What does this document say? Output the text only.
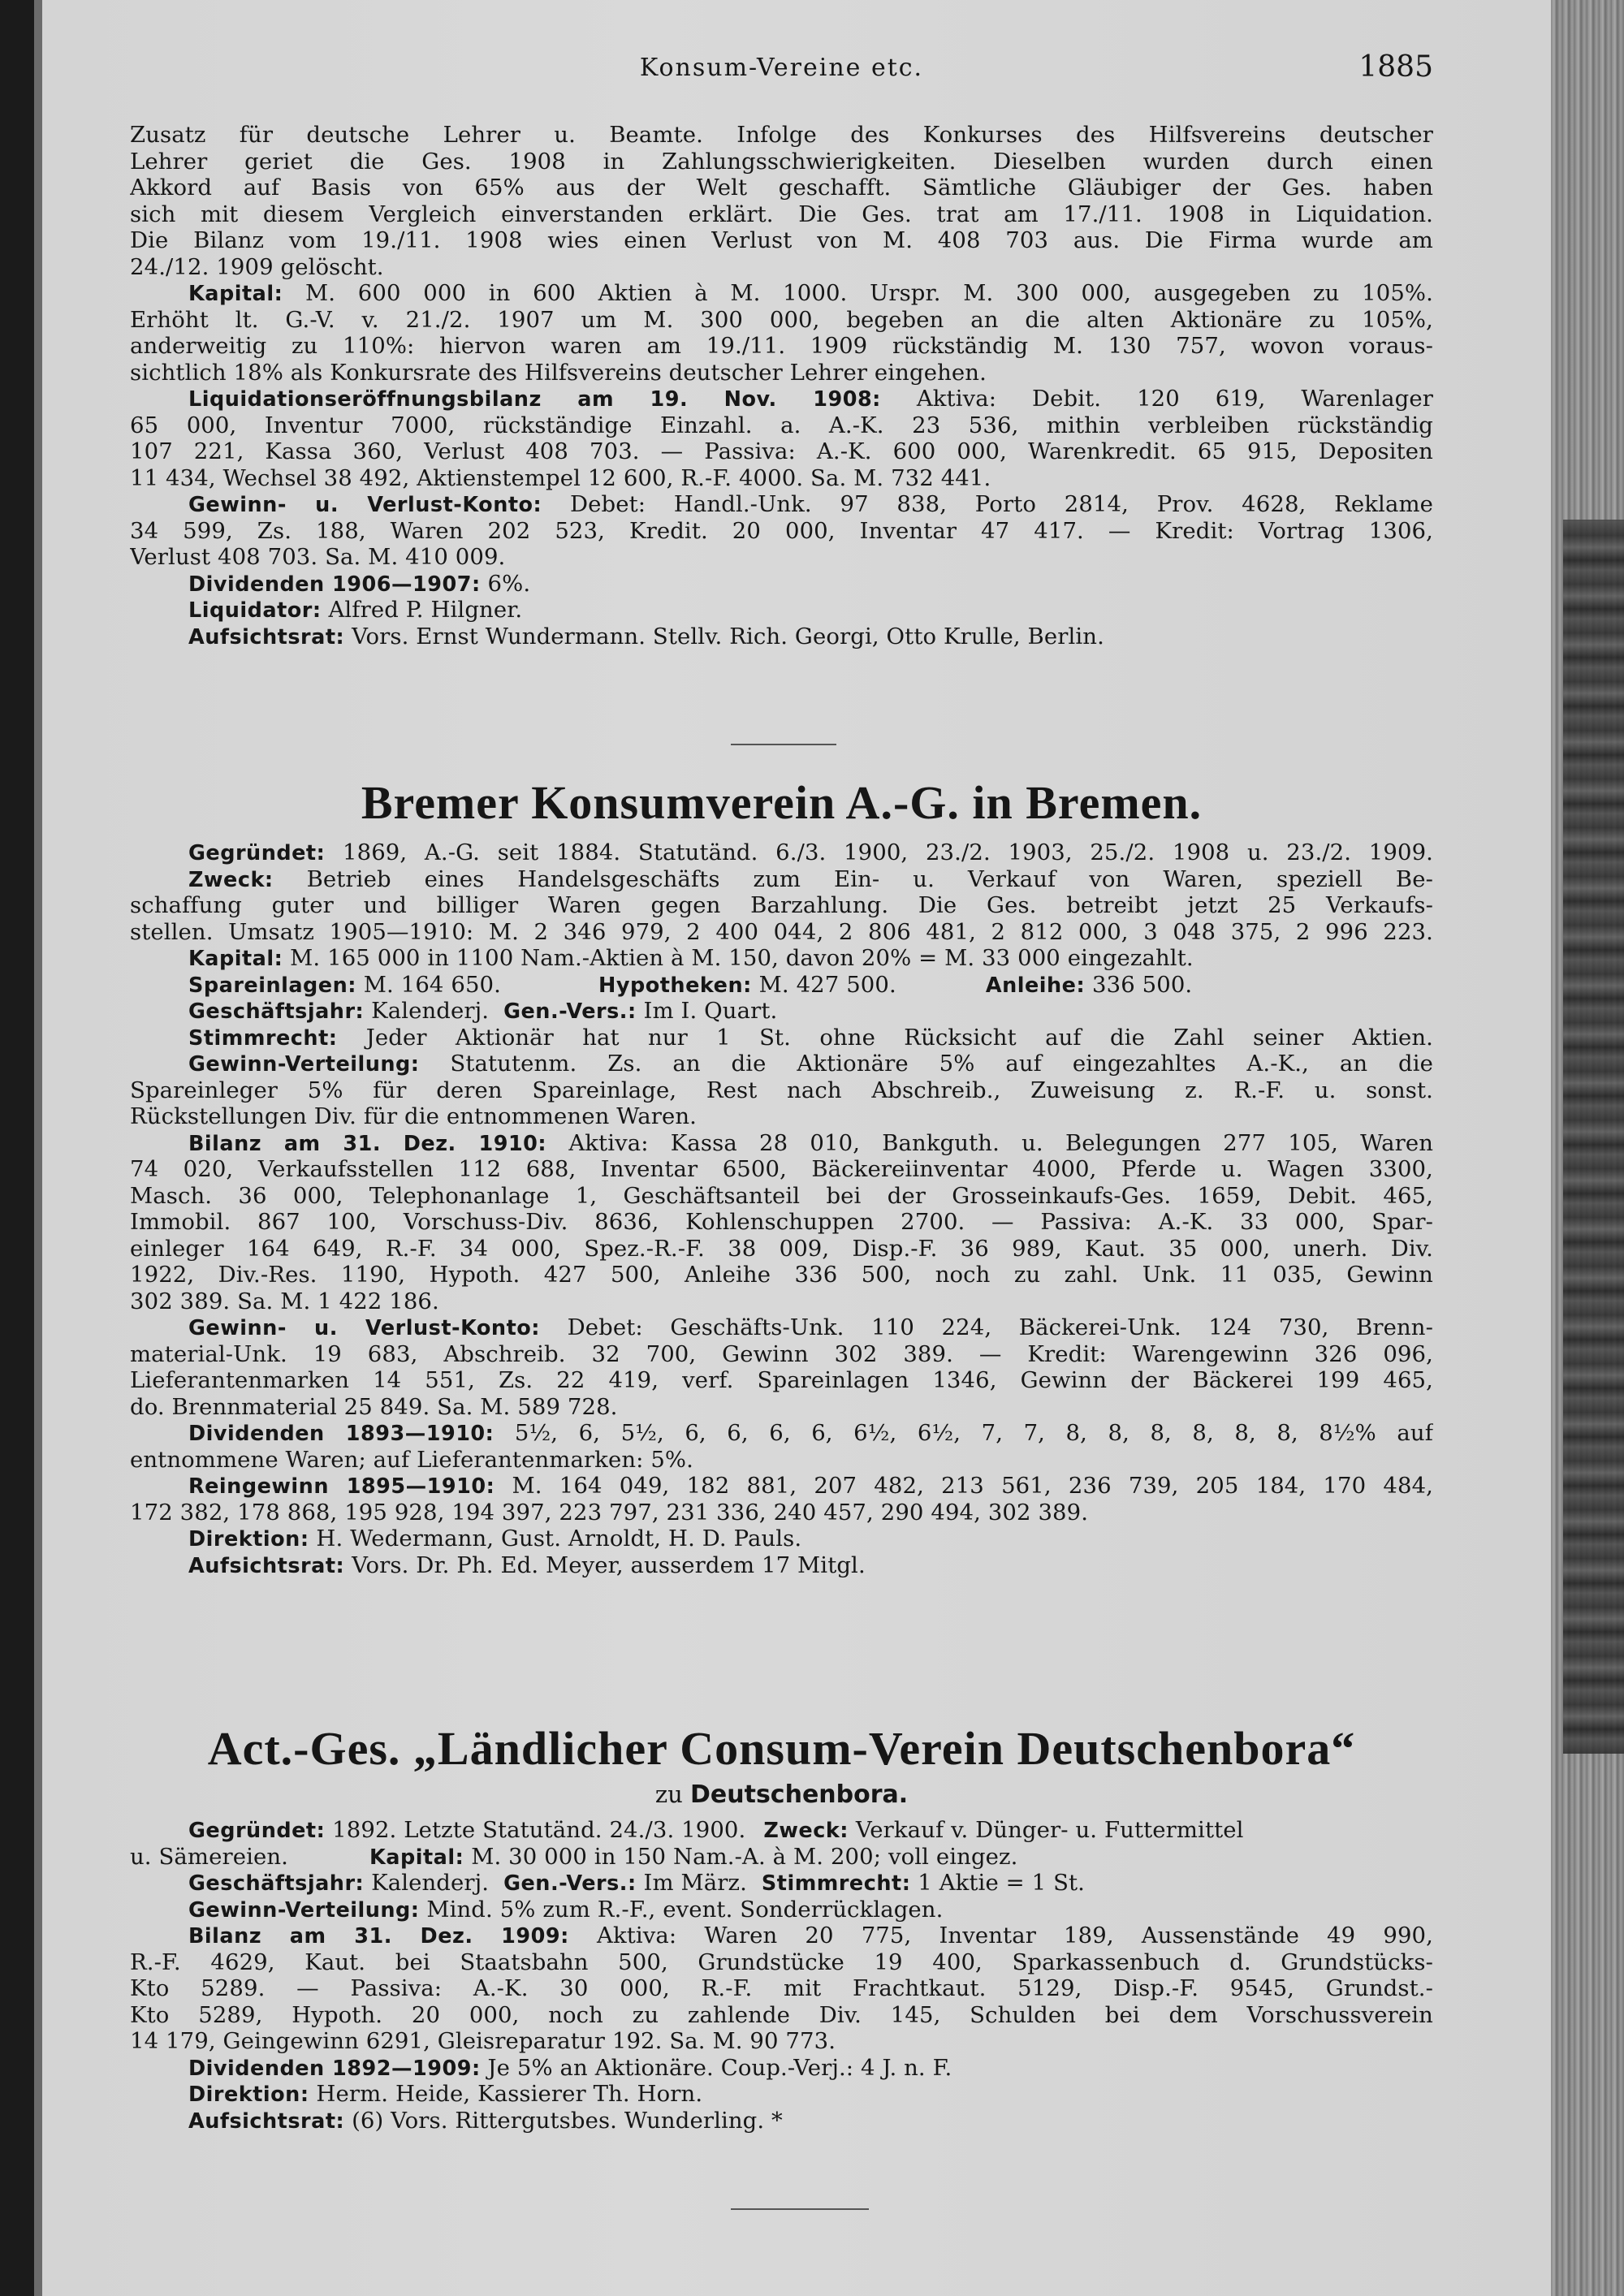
Konsum-Vereine etc.	1885
Zusatz für deutsche Lehrer u. Beamte. Infolge des Konkurses des Hilfsvereins deutscher
Lehrer geriet die Ges. 1908 in Zahlungsschwierigkeiten. Dieselben wurden durch einen
Akkord auf Basis von 65% aus der Welt geschafft. Sämtliche Gläubiger der Ges. haben
sich mit diesem Vergleich einverstanden erklärt. Die Ges. trat am 17./11. 1908 in Liquidation.
Die Bilanz vom 19./11. 1908 wies einen Verlust von M. 408 703 aus. Die Firma wurde am
24./12. 1909 gelöscht.
Kapital: M. 600 000 in 600 Aktien à M. 1000. Urspr. M. 300 000, ausgegeben zu 105%.
Erhöht lt. G.-V. v. 21./2. 1907 um M. 300 000, begeben an die alten Aktionäre zu 105%,
anderweitig zu 110%: hiervon waren am 19./11. 1909 rückständig M. 130 757, wovon voraus-
sichtlich 18% als Konkursrate des Hilfsvereins deutscher Lehrer eingehen.
Liquidationseröffnungsbilanz am 19. Nov. 1908: Aktiva: Debit. 120 619, Warenlager
65 000, Inventur 7000, rückständige Einzahl. a. A.-K. 23 536, mithin verbleiben rückständig
107 221, Kassa 360, Verlust 408 703. — Passiva: A.-K. 600 000, Warenkredit. 65 915, Depositen
11 434, Wechsel 38 492, Aktienstempel 12 600, R.-F. 4000. Sa. M. 732 441.
Gewinn- u. Verlust-Konto: Debet: Handl.-Unk. 97 838, Porto 2814, Prov. 4628, Reklame
34 599, Zs. 188, Waren 202 523, Kredit. 20 000, Inventar 47 417. — Kredit: Vortrag 1306,
Verlust 408 703. Sa. M. 410 009.
Dividenden 1906—1907: 6%.
Liquidator: Alfred P. Hilgner.
Aufsichtsrat: Vors. Ernst Wundermann. Stellv. Rich. Georgi, Otto Krulle, Berlin.
Bremer Konsumverein A.-G. in Bremen.
Gegründet: 1869, A.-G. seit 1884. Statutänd. 6./3. 1900, 23./2. 1903, 25./2. 1908 u. 23./2. 1909.
Zweck: Betrieb eines Handelsgeschäfts zum Ein- u. Verkauf von Waren, speziell Be-
schaffung guter und billiger Waren gegen Barzahlung. Die Ges. betreibt jetzt 25 Verkaufs-
stellen. Umsatz 1905—1910: M. 2 346 979, 2 400 044, 2 806 481, 2 812 000, 3 048 375, 2 996 223.
Kapital: M. 165 000 in 1100 Nam.-Aktien à M. 150, davon 20% = M. 33 000 eingezahlt.
Spareinlagen: M. 164 650.	Hypotheken: M. 427 500.	Anleihe: 336 500.
Geschäftsjahr: Kalenderj. Gen.-Vers.: Im I. Quart.
Stimmrecht: Jeder Aktionär hat nur 1 St. ohne Rücksicht auf die Zahl seiner Aktien.
Gewinn-Verteilung: Statutenm. Zs. an die Aktionäre 5% auf eingezahltes A.-K., an die
Spareinleger 5% für deren Spareinlage, Rest nach Abschreib., Zuweisung z. R.-F. u. sonst.
Rückstellungen Div. für die entnommenen Waren.
Bilanz am 31. Dez. 1910: Aktiva: Kassa 28 010, Bankguth. u. Belegungen 277 105, Waren
74 020, Verkaufsstellen 112 688, Inventar 6500, Bäckereiinventar 4000, Pferde u. Wagen 3300,
Masch. 36 000, Telephonanlage 1, Geschäftsanteil bei der Grosseinkaufs-Ges. 1659, Debit. 465,
Immobil. 867 100, Vorschuss-Div. 8636, Kohlenschuppen 2700. — Passiva: A.-K. 33 000, Spar-
einleger 164 649, R.-F. 34 000, Spez.-R.-F. 38 009, Disp.-F. 36 989, Kaut. 35 000, unerh. Div.
1922, Div.-Res. 1190, Hypoth. 427 500, Anleihe 336 500, noch zu zahl. Unk. 11 035, Gewinn
302 389. Sa. M. 1 422 186.
Gewinn- u. Verlust-Konto: Debet: Geschäfts-Unk. 110 224, Bäckerei-Unk. 124 730, Brenn-
material-Unk. 19 683, Abschreib. 32 700, Gewinn 302 389. — Kredit: Warengewinn 326 096,
Lieferantenmarken 14 551, Zs. 22 419, verf. Spareinlagen 1346, Gewinn der Bäckerei 199 465,
do. Brennmaterial 25 849. Sa. M. 589 728.
Dividenden 1893—1910: 5½, 6, 5½, 6, 6, 6, 6, 6½, 6½, 7, 7, 8, 8, 8, 8, 8, 8, 8½% auf
entnommene Waren; auf Lieferantenmarken: 5%.
Reingewinn 1895—1910: M. 164 049, 182 881, 207 482, 213 561, 236 739, 205 184, 170 484,
172 382, 178 868, 195 928, 194 397, 223 797, 231 336, 240 457, 290 494, 302 389.
Direktion: H. Wedermann, Gust. Arnoldt, H. D. Pauls.
Aufsichtsrat: Vors. Dr. Ph. Ed. Meyer, ausserdem 17 Mitgl.
Act.-Ges. „Ländlicher Consum-Verein Deutschenbora“
zu Deutschenbora.
Gegründet: 1892. Letzte Statutänd. 24./3. 1900. Zweck: Verkauf v. Dünger- u. Futtermittel
u. Sämereien.	Kapital: M. 30 000 in 150 Nam.-A. à M. 200; voll eingez.
Geschäftsjahr: Kalenderj. Gen.-Vers.: Im März. Stimmrecht: 1 Aktie = 1 St.
Gewinn-Verteilung: Mind. 5% zum R.-F., event. Sonderrücklagen.
Bilanz am 31. Dez. 1909: Aktiva: Waren 20 775, Inventar 189, Aussenstände 49 990,
R.-F. 4629, Kaut. bei Staatsbahn 500, Grundstücke 19 400, Sparkassenbuch d. Grundstücks-
Kto 5289. — Passiva: A.-K. 30 000, R.-F. mit Frachtkaut. 5129, Disp.-F. 9545, Grundst.-
Kto 5289, Hypoth. 20 000, noch zu zahlende Div. 145, Schulden bei dem Vorschussverein
14 179, Geingewinn 6291, Gleisreparatur 192. Sa. M. 90 773.
Dividenden 1892—1909: Je 5% an Aktionäre. Coup.-Verj.: 4 J. n. F.
Direktion: Herm. Heide, Kassierer Th. Horn.
Aufsichtsrat: (6) Vors. Rittergutsbes. Wunderling. *
